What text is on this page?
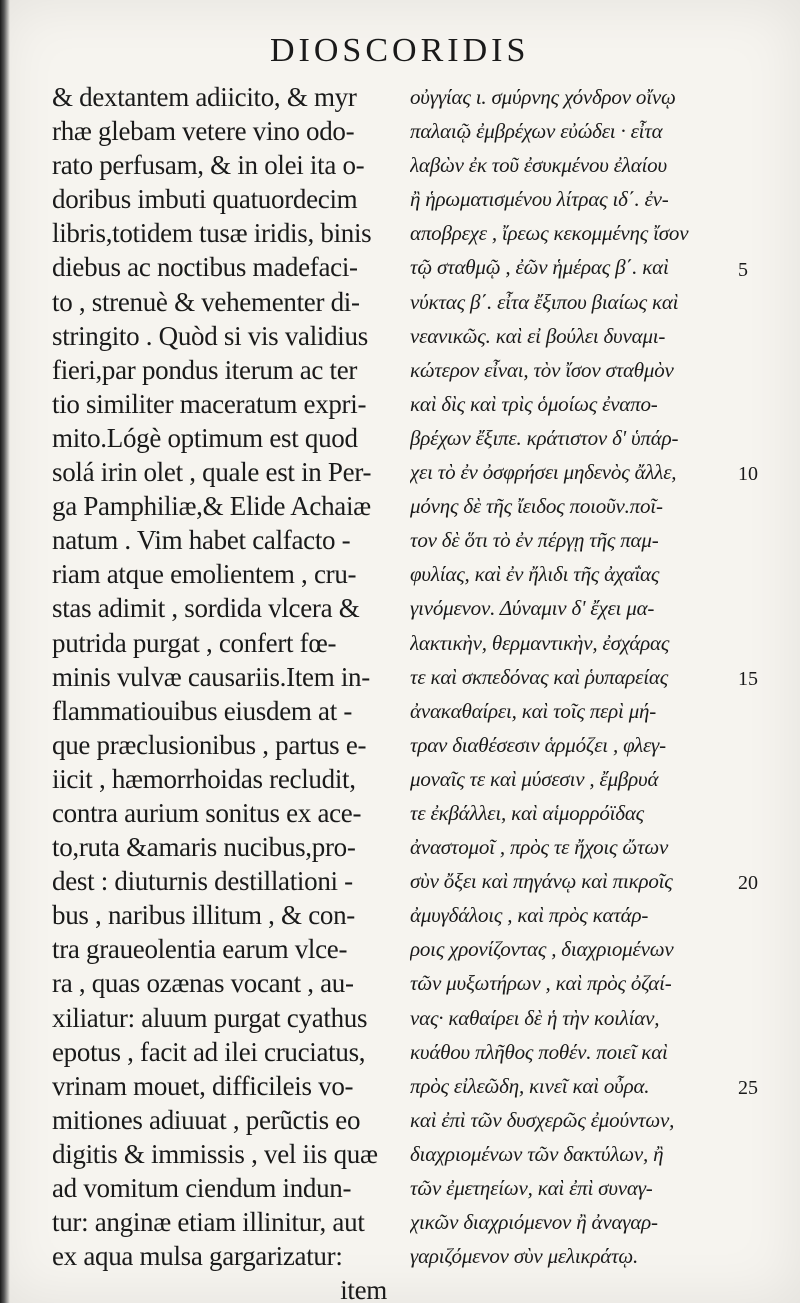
DIOSCORIDIS
& dextantem adiicito, & myr
rhæ glebam vetere vino odo-
rato perfusam, & in olei ita o-
doribus imbuti quatuordecim
libris,totidem tusæ iridis, binis
diebus ac noctibus madefaci-
to , strenuè & vehementer di-
stringito . Quòd si vis validius
fieri,par pondus iterum ac ter
tio similiter maceratum expri-
mito.Lógè optimum est quod
solá irin olet , quale est in Per-
ga Pamphiliæ,& Elide Achaiæ
natum . Vim habet calfacto -
riam atque emolientem , cru-
stas adimit , sordida vlcera &
putrida purgat , confert fœ-
minis vulvæ causariis.Item in-
flammatiouibus eiusdem at -
que præclusionibus , partus e-
iicit , hæmorrhoidas recludit,
contra aurium sonitus ex ace-
to,ruta &amaris nucibus,pro-
dest : diuturnis destillationi -
bus , naribus illitum , & con-
tra graueolentia earum vlce-
ra , quas ozænas vocant , au-
xiliatur: aluum purgat cyathus
epotus , facit ad ilei cruciatus,
vrinam mouet, difficileis vo-
mitiones adiuuat , perũctis eo
digitis & immissis , vel iis quæ
ad vomitum ciendum indun-
tur: anginæ etiam illinitur, aut
ex aqua mulsa gargarizatur:
item
οὐγγίας ι. σμύρνης χόνδρον οἴνῳ
παλαιῷ ἐμβρέχων εὐώδει · εἶτα
λαβὼν ἐκ τοῦ ἐσυκμένου ἐλαίου
ἢ ἡρωματισμένου λίτρας ιδ΄. ἐν-
αποβρεχε , ἴρεως κεκομμένης ἴσον
τῷ σταθμῷ , ἐῶν ἡμέρας β΄. καὶ
νύκτας β΄. εἶτα ἔξιπου βιαίως καὶ
νεανικῶς. καὶ εἰ βούλει δυναμι-
κώτερον εἶναι, τὸν ἴσον σταθμὸν
καὶ δὶς καὶ τρὶς ὁμοίως ἐναπο-
βρέχων ἔξιπε. κράτιστον δ' ὑπάρ-
χει τὸ ἐν ὀσφρήσει μηδενὸς ἄλλε,
μόνης δὲ τῆς ἴειδος ποιοῦν.ποῖ-
τον δὲ ὅτι τὸ ἐν πέργῃ τῆς παμ-
φυλίας, καὶ ἐν ἤλιδι τῆς ἀχαΐας
γινόμενον. Δύναμιν δ' ἔχει μα-
λακτικὴν, θερμαντικὴν, ἐσχάρας
τε καὶ σκπεδόνας καὶ ῥυπαρείας
ἀνακαθαίρει, καὶ τοῖς περὶ μή-
τραν διαθέσεσιν ἁρμόζει , φλεγ-
μοναῖς τε καὶ μύσεσιν , ἔμβρυά
τε ἐκβάλλει, καὶ αἱμορρόϊδας
ἀναστομοῖ , πρὸς τε ἤχοις ὤτων
σὺν ὄξει καὶ πηγάνῳ καὶ πικροῖς
ἀμυγδάλοις , καὶ πρὸς κατάρ-
ροις χρονίζοντας , διαχριομένων
τῶν μυξωτήρων , καὶ πρὸς ὀζαί-
νας· καθαίρει δὲ ἡ τὴν κοιλίαν,
κυάθου πλῆθος ποθέν. ποιεῖ καὶ
πρὸς εἰλεῶδη, κινεῖ καὶ οὖρα.
καὶ ἐπὶ τῶν δυσχερῶς ἐμούντων,
διαχριομένων τῶν δακτύλων, ἢ
τῶν ἐμετηείων, καὶ ἐπὶ συναγ-
χικῶν διαχριόμενον ἢ ἀναγαρ-
γαριζόμενον σὺν μελικράτῳ.
5
10
15
20
25
